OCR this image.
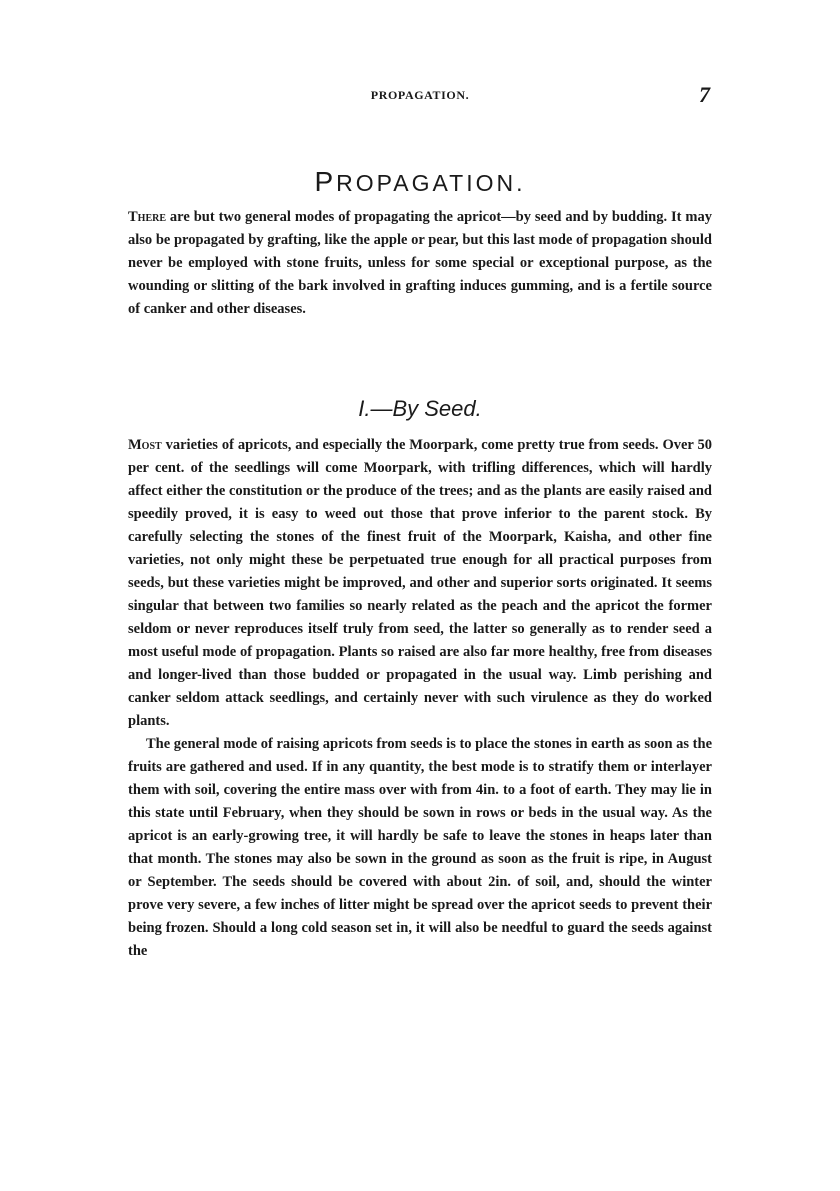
PROPAGATION.	7
PROPAGATION.

There are but two general modes of propagating the apricot—by seed and by budding. It may also be propagated by grafting, like the apple or pear, but this last mode of propagation should never be employed with stone fruits, unless for some special or exceptional purpose, as the wounding or slitting of the bark involved in grafting induces gumming, and is a fertile source of canker and other diseases.

I.—By Seed.

Most varieties of apricots, and especially the Moorpark, come pretty true from seeds. Over 50 per cent. of the seedlings will come Moorpark, with trifling differences, which will hardly affect either the constitution or the produce of the trees; and as the plants are easily raised and speedily proved, it is easy to weed out those that prove inferior to the parent stock. By carefully selecting the stones of the finest fruit of the Moorpark, Kaisha, and other fine varieties, not only might these be perpetuated true enough for all practical purposes from seeds, but these varieties might be improved, and other and superior sorts originated. It seems singular that between two families so nearly related as the peach and the apricot the former seldom or never reproduces itself truly from seed, the latter so generally as to render seed a most useful mode of propagation. Plants so raised are also far more healthy, free from diseases and longer-lived than those budded or propagated in the usual way. Limb perishing and canker seldom attack seedlings, and certainly never with such virulence as they do worked plants.

The general mode of raising apricots from seeds is to place the stones in earth as soon as the fruits are gathered and used. If in any quantity, the best mode is to stratify them or interlayer them with soil, covering the entire mass over with from 4in. to a foot of earth. They may lie in this state until February, when they should be sown in rows or beds in the usual way. As the apricot is an early-growing tree, it will hardly be safe to leave the stones in heaps later than that month. The stones may also be sown in the ground as soon as the fruit is ripe, in August or September. The seeds should be covered with about 2in. of soil, and, should the winter prove very severe, a few inches of litter might be spread over the apricot seeds to prevent their being frozen. Should a long cold season set in, it will also be needful to guard the seeds against the
